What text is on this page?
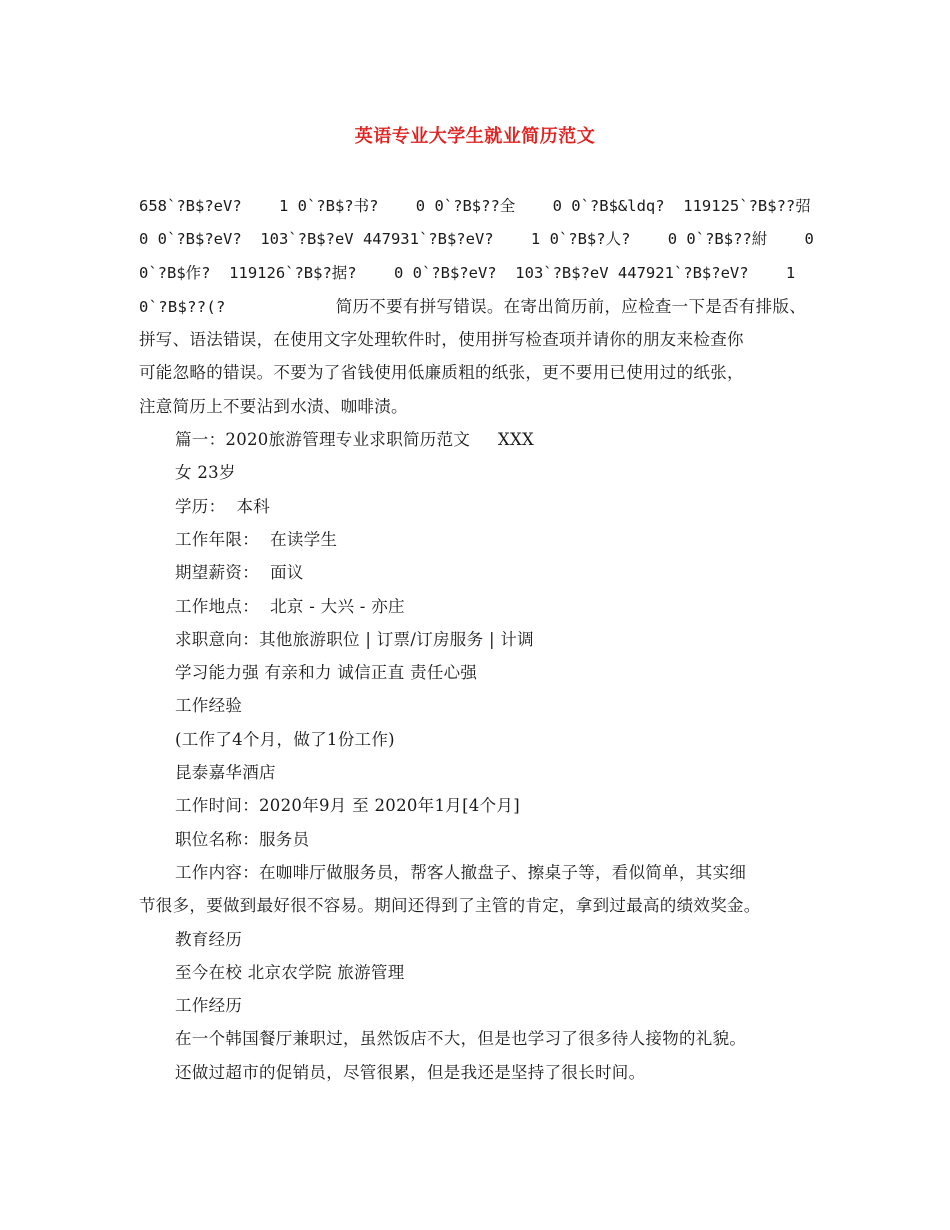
英语专业大学生就业简历范文
658`?B$?eV?    1 0`?B$?书?    0 0`?B$??全    0 0`?B$&ldq?  119125`?B$??弨
0 0`?B$?eV?  103`?B$?eV 447931`?B$?eV?    1 0`?B$?人?    0 0`?B$??紨    0
0`?B$作?  119126`?B$?据?    0 0`?B$?eV?  103`?B$?eV 447921`?B$?eV?    1
0`?B$??(?	简历不要有拼写错误。在寄出简历前，应检查一下是否有排版、
拼写、语法错误，在使用文字处理软件时，使用拼写检查项并请你的朋友来检查你
可能忽略的错误。不要为了省钱使用低廉质粗的纸张，更不要用已使用过的纸张，
注意简历上不要沾到水渍、咖啡渍。
篇一：2020旅游管理专业求职简历范文     XXX
女 23岁
学历：  本科
工作年限：  在读学生
期望薪资：  面议
工作地点：  北京 - 大兴 - 亦庄
求职意向：其他旅游职位 | 订票/订房服务 | 计调
学习能力强 有亲和力 诚信正直 责任心强
工作经验
(工作了4个月，做了1份工作)
昆泰嘉华酒店
工作时间：2020年9月 至 2020年1月[4个月]
职位名称：服务员
工作内容：在咖啡厅做服务员，帮客人撤盘子、擦桌子等，看似简单，其实细
节很多，要做到最好很不容易。期间还得到了主管的肯定，拿到过最高的绩效奖金。
教育经历
至今在校 北京农学院 旅游管理
工作经历
在一个韩国餐厅兼职过，虽然饭店不大，但是也学习了很多待人接物的礼貌。
还做过超市的促销员，尽管很累，但是我还是坚持了很长时间。
